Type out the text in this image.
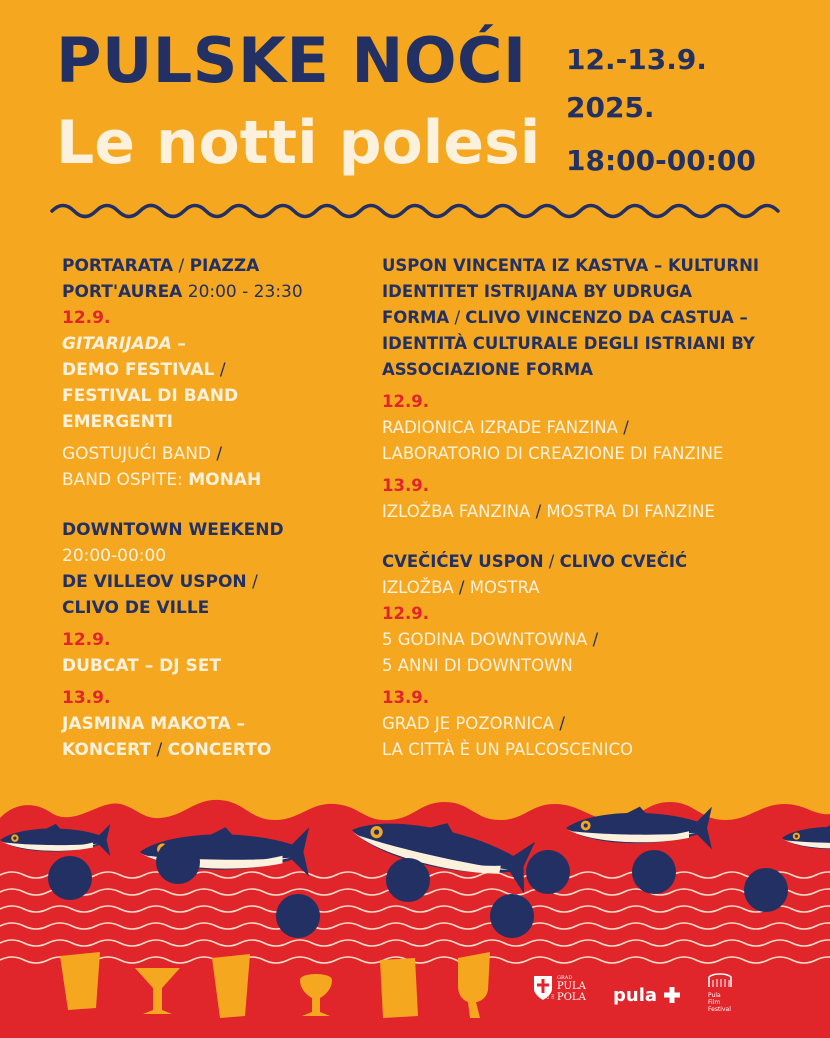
PULSKE NOĆI
Le notti polesi
12.-13.9.
2025.
18:00-00:00

PORTARATA / PIAZZA

PORT'AUREA 20:00 - 23:30

12.9.

GITARIJADA –

DEMO FESTIVAL /

FESTIVAL DI BAND

EMERGENTI

GOSTUJUĆI BAND /

BAND OSPITE: MONAH

DOWNTOWN WEEKEND

20:00-00:00

DE VILLEOV USPON /

CLIVO DE VILLE

12.9.

DUBCAT – DJ SET

13.9.

JASMINA MAKOTA –

KONCERT / CONCERTO

USPON VINCENTA IZ KASTVA – KULTURNI

IDENTITET ISTRIJANA BY UDRUGA

FORMA / CLIVO VINCENZO DA CASTUA –

IDENTITÀ CULTURALE DEGLI ISTRIANI BY

ASSOCIAZIONE FORMA

12.9.

RADIONICA IZRADE FANZINA /

LABORATORIO DI CREAZIONE DI FANZINE

13.9.

IZLOŽBA FANZINA / MOSTRA DI FANZINE

CVEČIĆEV USPON / CLIVO CVEČIĆ

IZLOŽBA / MOSTRA

12.9.

5 GODINA DOWNTOWNA /

5 ANNI DI DOWNTOWN

13.9.

GRAD JE POZORNICA /

LA CITTÀ È UN PALCOSCENICO

GRAD
PULA
POLA
CITTÀ DI	pula	Pula
Film
Festival
